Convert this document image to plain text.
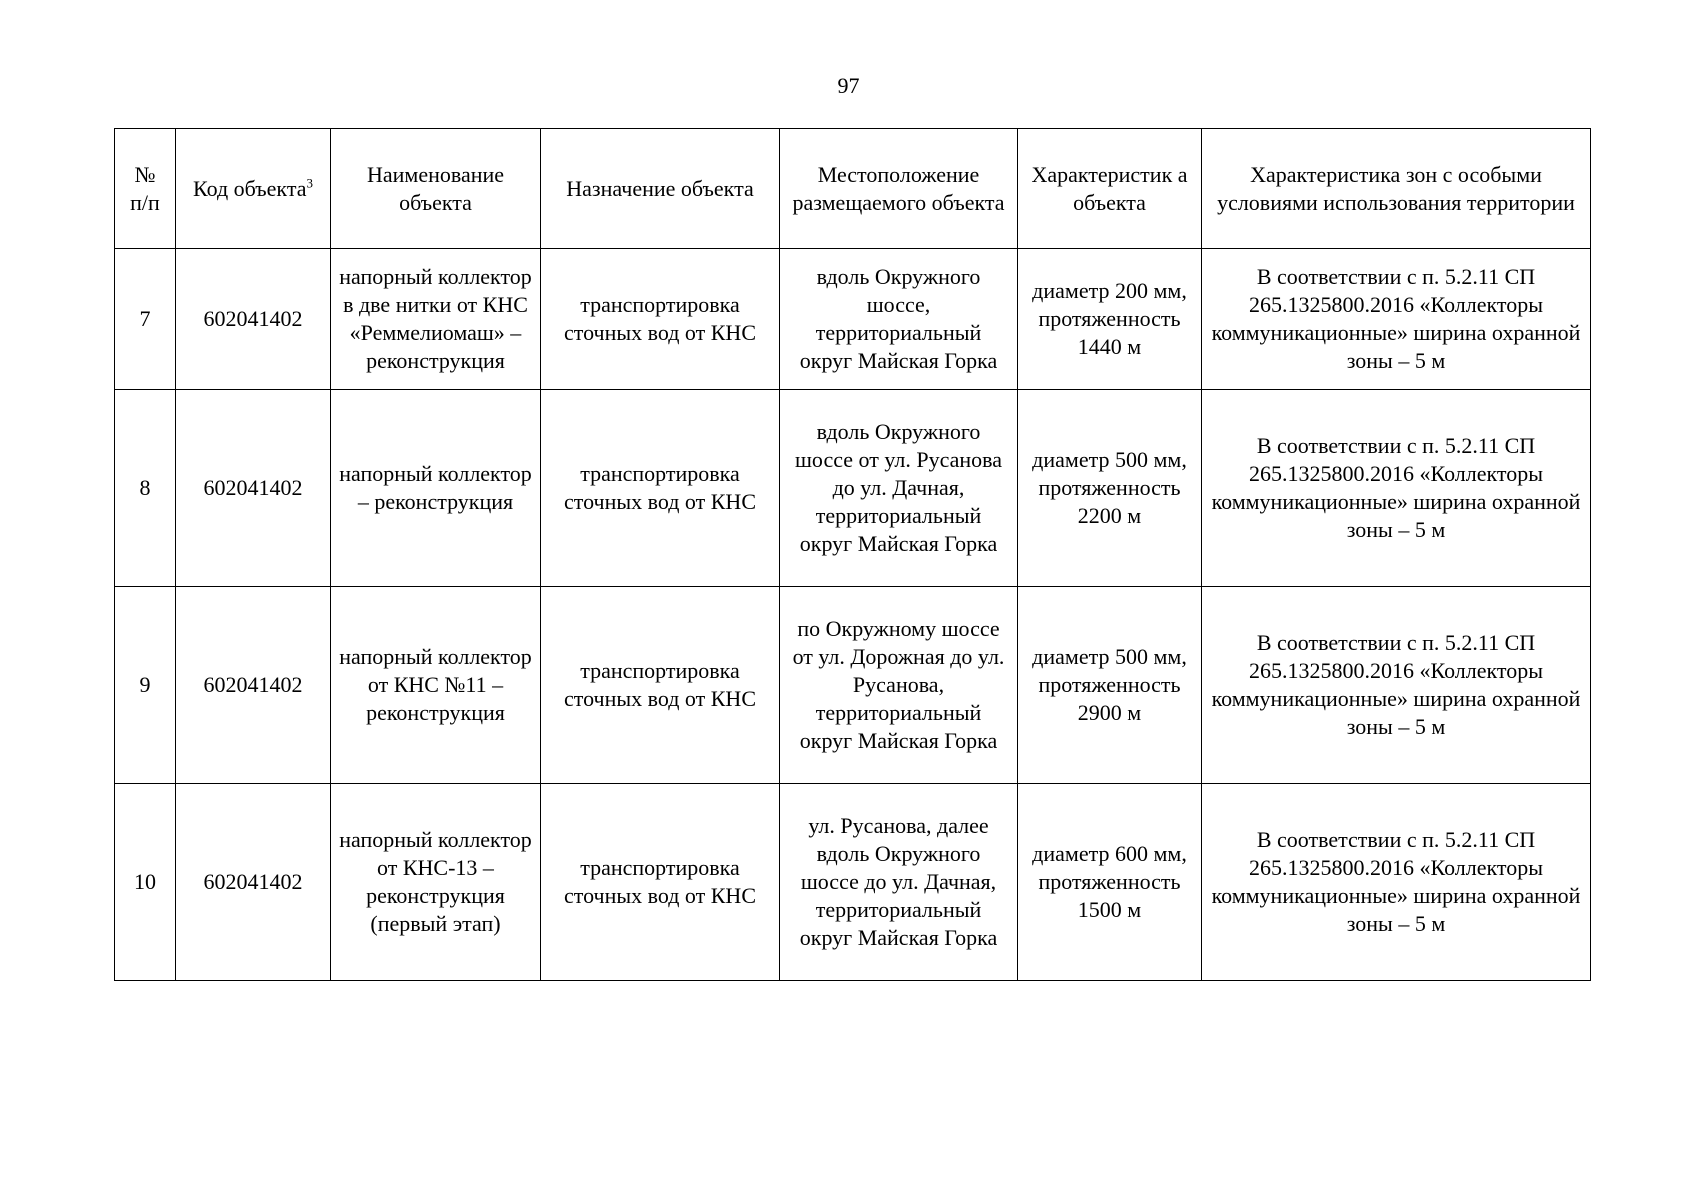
97
№ п/п	Код объекта$^3$	Наименование объекта	Назначение объекта	Местоположение размещаемого объекта	Характеристик а объекта	Характеристика зон с особыми условиями использования территории
7	602041402	напорный коллектор в две нитки от КНС «Реммелиомаш» – реконструкция	транспортировка сточных вод от КНС	вдоль Окружного шоссе, территориальный округ Майская Горка	диаметр 200 мм, протяженность 1440 м	В соответствии с п. 5.2.11 СП 265.1325800.2016 «Коллекторы коммуникационные» ширина охранной зоны – 5 м
8	602041402	напорный коллектор – реконструкция	транспортировка сточных вод от КНС	вдоль Окружного шоссе от ул. Русанова до ул. Дачная, территориальный округ Майская Горка	диаметр 500 мм, протяженность 2200 м	В соответствии с п. 5.2.11 СП 265.1325800.2016 «Коллекторы коммуникационные» ширина охранной зоны – 5 м
9	602041402	напорный коллектор от КНС №11 – реконструкция	транспортировка сточных вод от КНС	по Окружному шоссе от ул. Дорожная до ул. Русанова, территориальный округ Майская Горка	диаметр 500 мм, протяженность 2900 м	В соответствии с п. 5.2.11 СП 265.1325800.2016 «Коллекторы коммуникационные» ширина охранной зоны – 5 м
10	602041402	напорный коллектор от КНС-13 – реконструкция (первый этап)	транспортировка сточных вод от КНС	ул. Русанова, далее вдоль Окружного шоссе до ул. Дачная, территориальный округ Майская Горка	диаметр 600 мм, протяженность 1500 м	В соответствии с п. 5.2.11 СП 265.1325800.2016 «Коллекторы коммуникационные» ширина охранной зоны – 5 м
